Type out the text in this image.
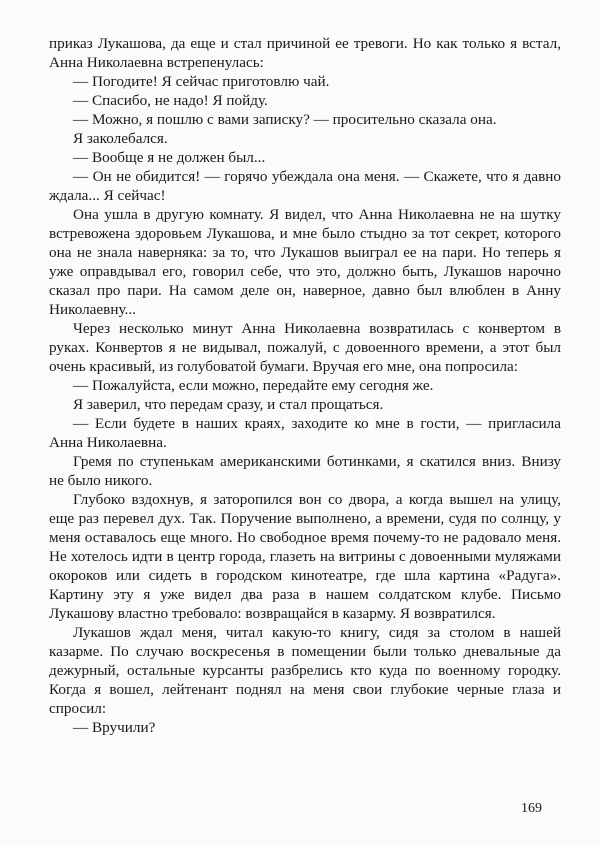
приказ Лукашова, да еще и стал причиной ее тревоги. Но как только я встал, Анна Николаевна встрепенулась:

— Погодите! Я сейчас приготовлю чай.

— Спасибо, не надо! Я пойду.

— Можно, я пошлю с вами записку? — просительно сказала она.

Я заколебался.

— Вообще я не должен был...

— Он не обидится! — горячо убеждала она меня. — Скажете, что я давно ждала... Я сейчас!

Она ушла в другую комнату. Я видел, что Анна Николаевна не на шутку встревожена здоровьем Лукашова, и мне было стыдно за тот секрет, которого она не знала наверняка: за то, что Лукашов выиграл ее на пари. Но теперь я уже оправдывал его, говорил себе, что это, должно быть, Лукашов нарочно сказал про пари. На самом деле он, наверное, давно был влюблен в Анну Николаевну...

Через несколько минут Анна Николаевна возвратилась с конвертом в руках. Конвертов я не видывал, пожалуй, с довоенного времени, а этот был очень красивый, из голубоватой бумаги. Вручая его мне, она попросила:

— Пожалуйста, если можно, передайте ему сегодня же.

Я заверил, что передам сразу, и стал прощаться.

— Если будете в наших краях, заходите ко мне в гости, — пригласила Анна Николаевна.

Гремя по ступенькам американскими ботинками, я скатился вниз. Внизу не было никого.

Глубоко вздохнув, я заторопился вон со двора, а когда вышел на улицу, еще раз перевел дух. Так. Поручение выполнено, а времени, судя по солнцу, у меня оставалось еще много. Но свободное время почему-то не радовало меня. Не хотелось идти в центр города, глазеть на витрины с довоенными муляжами окороков или сидеть в городском кинотеатре, где шла картина «Радуга». Картину эту я уже видел два раза в нашем солдатском клубе. Письмо Лукашову властно требовало: возвращайся в казарму. Я возвратился.

Лукашов ждал меня, читал какую-то книгу, сидя за столом в нашей казарме. По случаю воскресенья в помещении были только дневальные да дежурный, остальные курсанты разбрелись кто куда по военному городку. Когда я вошел, лейтенант поднял на меня свои глубокие черные глаза и спросил:

— Вручили?

169
